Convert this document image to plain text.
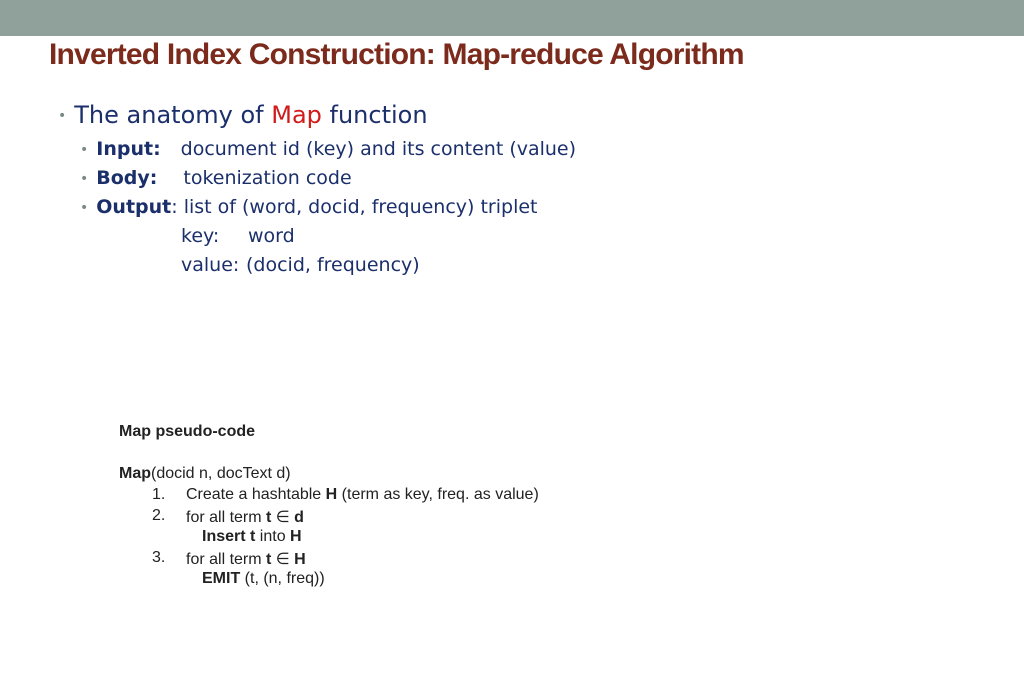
Inverted Index Construction: Map-reduce Algorithm
• The anatomy of Map function
• Input: document id (key) and its content (value)
• Body: tokenization code
• Output: list of (word, docid, frequency) triplet
key: word
value: (docid, frequency)
Map pseudo-code
Map(docid n, docText d)
1. Create a hashtable H (term as key, freq. as value)
2. for all term t ∈ d
Insert t into H
3. for all term t ∈ H
EMIT (t, (n, freq))
